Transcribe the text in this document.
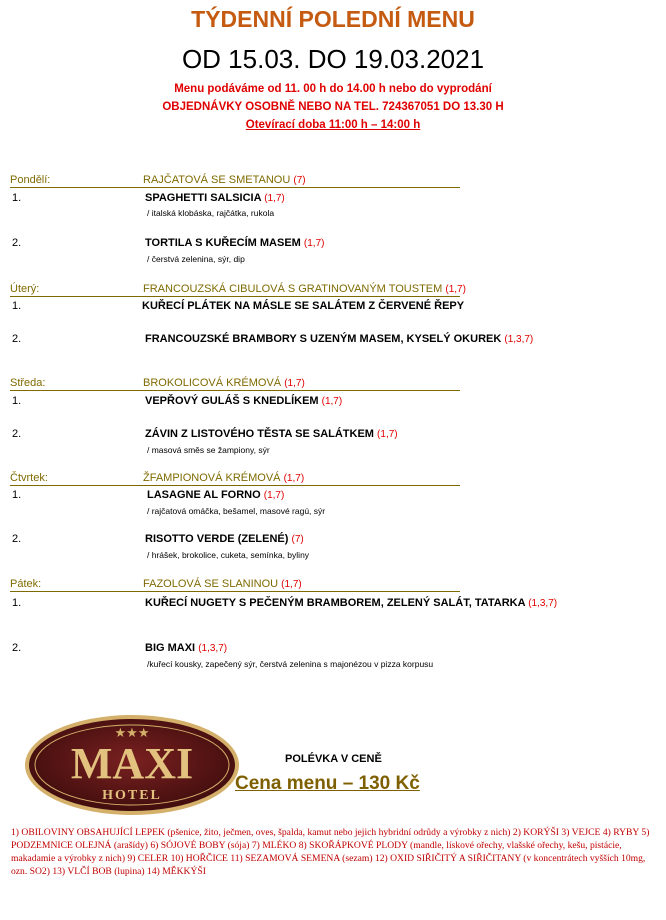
TÝDENNÍ POLEDNÍ MENU
OD 15.03. DO 19.03.2021
Menu podáváme od 11. 00 h do 14.00 h nebo do vyprodání
OBJEDNÁVKY OSOBNĚ NEBO NA TEL. 724367051 DO 13.30 H
Otevírací doba 11:00 h – 14:00 h
Pondělí:	RAJČATOVÁ SE SMETANOU (7)
1.	SPAGHETTI SALSICIA (1,7)
/ italská klobáska, rajčátka, rukola
2.	TORTILA S KUŘECÍM MASEM (1,7)
/ čerstvá zelenina, sýr, dip
Úterý:	FRANCOUZSKÁ CIBULOVÁ S GRATINOVANÝM TOUSTEM (1,7)
1.	KUŘECÍ PLÁTEK NA MÁSLE SE SALÁTEM Z ČERVENÉ ŘEPY
2.	FRANCOUZSKÉ BRAMBORY S UZENÝM MASEM, KYSELÝ OKUREK (1,3,7)
Středa:	BROKOLICOVÁ KRÉMOVÁ (1,7)
1.	VEPŘOVÝ GULÁŠ S KNEDLÍKEM (1,7)
2.	ZÁVIN Z LISTOVÉHO TĚSTA SE SALÁTKEM (1,7)
/ masová směs se žampiony, sýr
Čtvrtek:	ŽFAMPIONOVÁ KRÉMOVÁ (1,7)
1.	LASAGNE AL FORNO (1,7)
/ rajčatová omáčka, bešamel, masové ragú, sýr
2.	RISOTTO VERDE (ZELENÉ) (7)
/ hrášek, brokolice, cuketa, semínka, byliny
Pátek:	FAZOLOVÁ SE SLANINOU (1,7)
1.	KUŘECÍ NUGETY S PEČENÝM BRAMBOREM, ZELENÝ SALÁT, TATARKA (1,3,7)
2.	BIG MAXI (1,3,7)
/kuřecí kousky, zapečený sýr, čerstvá zelenina s majonézou v pizza korpusu
★★★
MAXI
HOTEL
POLÉVKA V CENĚ
Cena menu – 130 Kč
1) OBILOVINY OBSAHUJÍCÍ LEPEK (pšenice, žito, ječmen, oves, špalda, kamut nebo jejich hybridní odrůdy a výrobky z nich) 2) KORÝŠI 3) VEJCE 4) RYBY 5) PODZEMNICE OLEJNÁ (arašídy) 6) SÓJOVÉ BOBY (sója) 7) MLÉKO 8) SKOŘÁPKOVÉ PLODY (mandle, lískové ořechy, vlašské ořechy, kešu, pistácie, makadamie a výrobky z nich) 9) CELER 10) HOŘČICE 11) SEZAMOVÁ SEMENA (sezam) 12) OXID SIŘIČITÝ A SIŘIČITANY (v koncentrátech vyšších 10mg, ozn. SO2) 13) VLČÍ BOB (lupina) 14) MĚKKÝŠI
